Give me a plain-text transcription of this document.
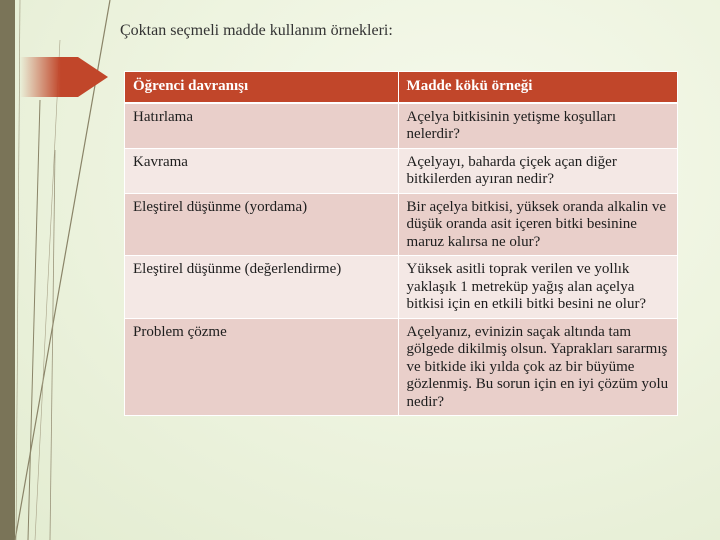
Çoktan seçmeli madde kullanım örnekleri:
Öğrenci davranışı	Madde kökü örneği
Hatırlama	Açelya bitkisinin yetişme koşulları nelerdir?
Kavrama	Açelyayı, baharda çiçek açan diğer bitkilerden ayıran nedir?
Eleştirel düşünme (yordama)	Bir açelya bitkisi, yüksek oranda alkalin ve düşük oranda asit içeren bitki besinine maruz kalırsa ne olur?
Eleştirel düşünme (değerlendirme)	Yüksek asitli toprak verilen ve yollık yaklaşık 1 metreküp yağış alan açelya bitkisi için en etkili bitki besini ne olur?
Problem çözme	Açelyanız, evinizin saçak altında tam gölgede dikilmiş olsun. Yaprakları sararmış ve bitkide iki yılda çok az bir büyüme gözlenmiş. Bu sorun için en iyi çözüm yolu nedir?
